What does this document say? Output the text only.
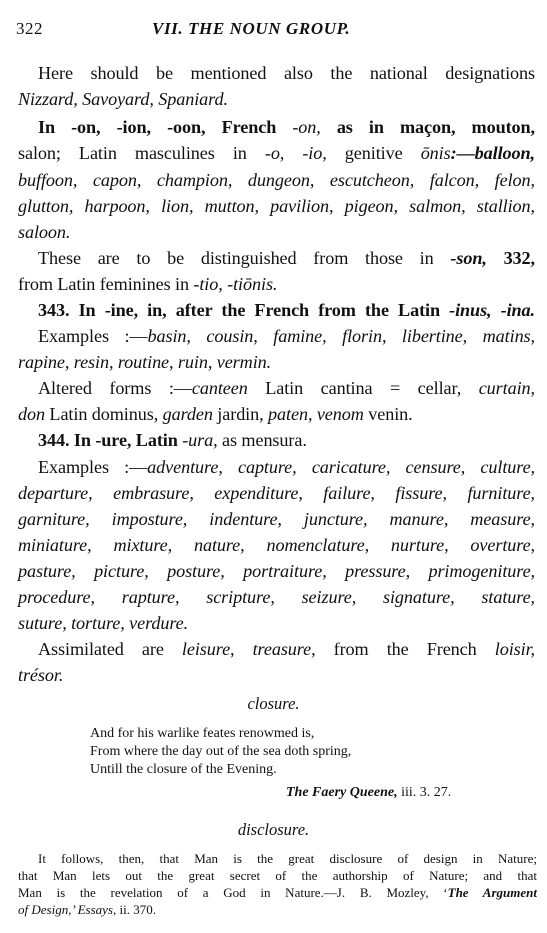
322	VII. THE NOUN GROUP.
Here should be mentioned also the national designations
Nizzard, Savoyard, Spaniard.
In -on, -ion, -oon, French -on, as in maçon, mouton,
salon; Latin masculines in -o, -io, genitive ōnis:—balloon,
buffoon, capon, champion, dungeon, escutcheon, falcon, felon,
glutton, harpoon, lion, mutton, pavilion, pigeon, salmon, stallion,
saloon.
These are to be distinguished from those in -son, 332,
from Latin feminines in -tio, -tiōnis.
343. In -ine, in, after the French from the Latin -inus, -ina.
Examples :—basin, cousin, famine, florin, libertine, matins,
rapine, resin, routine, ruin, vermin.
Altered forms :—canteen Latin cantina = cellar, curtain,
don Latin dominus, garden jardin, paten, venom venin.
344. In -ure, Latin -ura, as mensura.
Examples :—adventure, capture, caricature, censure, culture,
departure, embrasure, expenditure, failure, fissure, furniture,
garniture, imposture, indenture, juncture, manure, measure,
miniature, mixture, nature, nomenclature, nurture, overture,
pasture, picture, posture, portraiture, pressure, primogeniture,
procedure, rapture, scripture, seizure, signature, stature,
suture, torture, verdure.
Assimilated are leisure, treasure, from the French loisir,
trésor.
closure.
And for his warlike feates renowmed is,
From where the day out of the sea doth spring,
Untill the closure of the Evening.
The Faery Queene, iii. 3. 27.
disclosure.
It follows, then, that Man is the great disclosure of design in Nature;
that Man lets out the great secret of the authorship of Nature; and that
Man is the revelation of a God in Nature.—J. B. Mozley, ‘The Argument
of Design,’ Essays, ii. 370.
